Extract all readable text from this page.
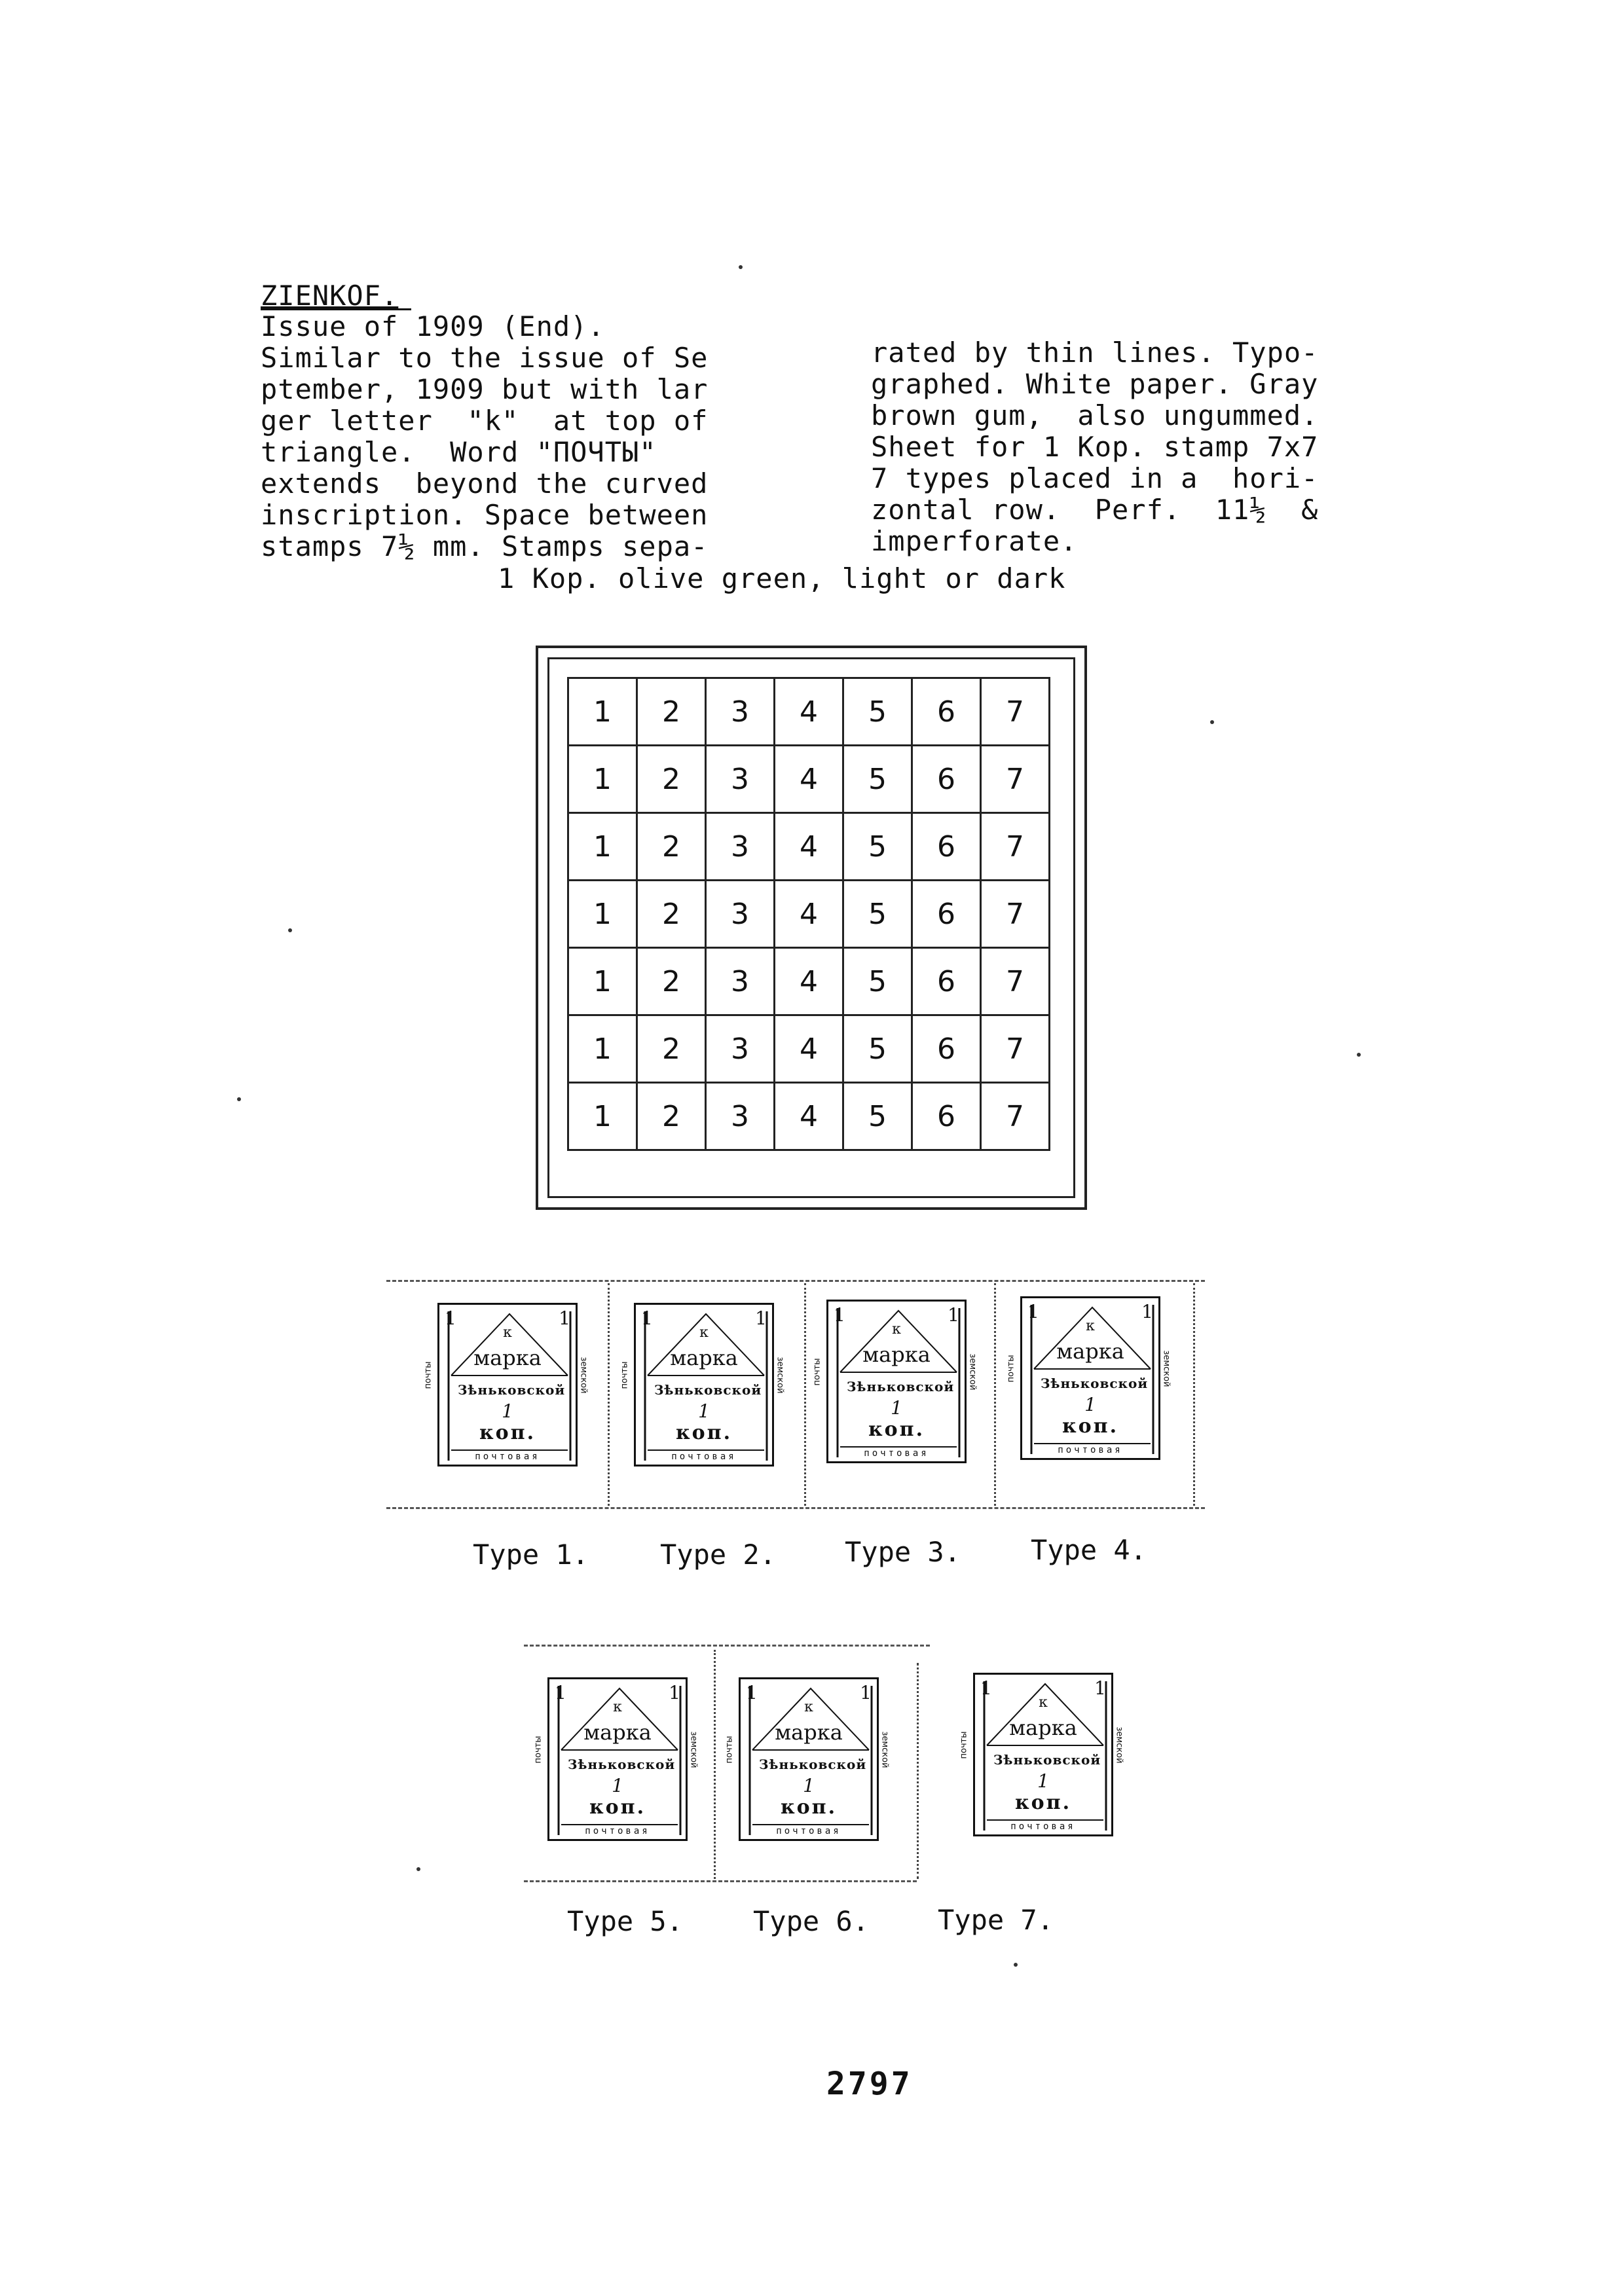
ZIENKOF.
Issue of 1909 (End).
Similar to the issue of Se
ptember, 1909 but with lar
ger letter  "k"  at top of
triangle.  Word "ПОЧТЫ"
extends  beyond the curved
inscription. Space between
stamps 7½ mm. Stamps sepa-
rated by thin lines. Typo-
graphed. White paper. Gray
brown gum,  also ungummed.
Sheet for 1 Kop. stamp 7x7
7 types placed in a  hori-
zontal row.  Perf.  11½  &
imperforate.
1 Kop. olive green, light or dark
1	2	3	4	5	6	7
1	2	3	4	5	6	7
1	2	3	4	5	6	7
1	2	3	4	5	6	7
1	2	3	4	5	6	7
1	2	3	4	5	6	7
1	2	3	4	5	6	7
1	1
к
марка
Зѣньковской
1
коп.
почты	земской
почтовая
1	1
к
марка
Зѣньковской
1
коп.
почты	земской
почтовая
1	1
к
марка
Зѣньковской
1
коп.
почты	земской
почтовая
1	1
к
марка
Зѣньковской
1
коп.
почты	земской
почтовая
Type 1.	Type 2. Type 3.	Type 4.
1	1
к
марка
Зѣньковской
1
коп.
почты	земской
почтовая
1	1
к
марка
Зѣньковской
1
коп.
почты	земской
почтовая
1	1
к
марка
Зѣньковской
1
коп.
почты	земской
почтовая
Type 5.	Type 6. Type 7.
2797
